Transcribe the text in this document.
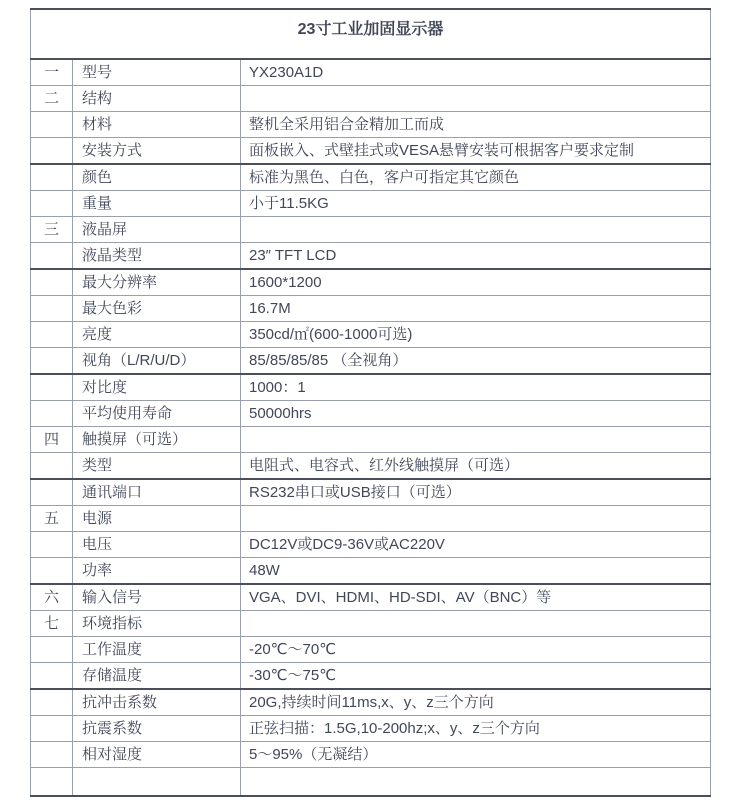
23寸工业加固显示器		

一	型号	YX230A1D
二	结构	
	材料	整机全采用铝合金精加工而成
	安装方式	面板嵌入、式壁挂式或VESA悬臂安装可根据客户要求定制
	颜色	标准为黑色、白色，客户可指定其它颜色
	重量	小于11.5KG
三	液晶屏	
	液晶类型	23″ TFT LCD
	最大分辨率	1600*1200
	最大色彩	16.7M
	亮度	350cd/㎡(600-1000可选)
	视角（L/R/U/D）	85/85/85/85 （全视角）
	对比度	1000：1
	平均使用寿命	50000hrs
四	触摸屏（可选）	
	类型	电阻式、电容式、红外线触摸屏（可选）
	通讯端口	RS232串口或USB接口（可选）
五	电源	
	电压	DC12V或DC9-36V或AC220V
	功率	48W
六	输入信号	VGA、DVI、HDMI、HD-SDI、AV（BNC）等
七	环境指标	
	工作温度	-20℃～70℃
	存储温度	-30℃～75℃
	抗冲击系数	20G,持续时间11ms,x、y、z三个方向
	抗震系数	正弦扫描：1.5G,10-200hz;x、y、z三个方向
	相对湿度	5～95%（无凝结）
